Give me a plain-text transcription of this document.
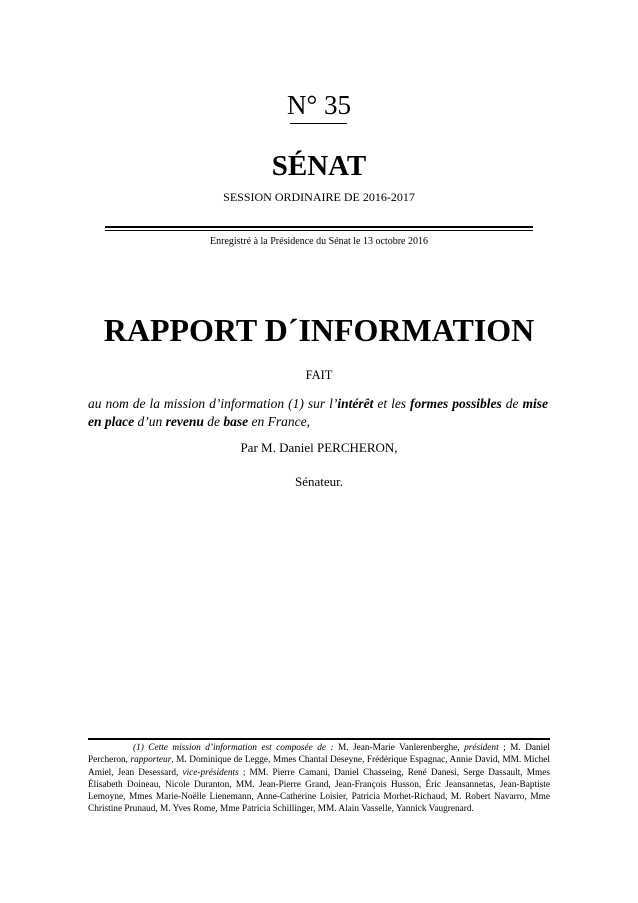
N° 35
SÉNAT
SESSION ORDINAIRE DE 2016-2017
Enregistré à la Présidence du Sénat le 13 octobre 2016
RAPPORT D´INFORMATION
FAIT
au nom de la mission d’information (1) sur l’intérêt et les formes possibles de mise en place d’un revenu de base en France,
Par M. Daniel PERCHERON,
Sénateur.
(1) Cette mission d’information est composée de : M. Jean-Marie Vanlerenberghe, président ; M. Daniel Percheron, rapporteur, M. Dominique de Legge, Mmes Chantal Deseyne, Frédérique Espagnac, Annie David, MM. Michel Amiel, Jean Desessard, vice-présidents ; MM. Pierre Camani, Daniel Chasseing, René Danesi, Serge Dassault, Mmes Élisabeth Doineau, Nicole Duranton, MM. Jean-Pierre Grand, Jean-François Husson, Éric Jeansannetas, Jean-Baptiste Lemoyne, Mmes Marie-Noëlle Lienemann, Anne-Catherine Loisier, Patricia Morhet-Richaud, M. Robert Navarro, Mme Christine Prunaud, M. Yves Rome, Mme Patricia Schillinger, MM. Alain Vasselle, Yannick Vaugrenard.
